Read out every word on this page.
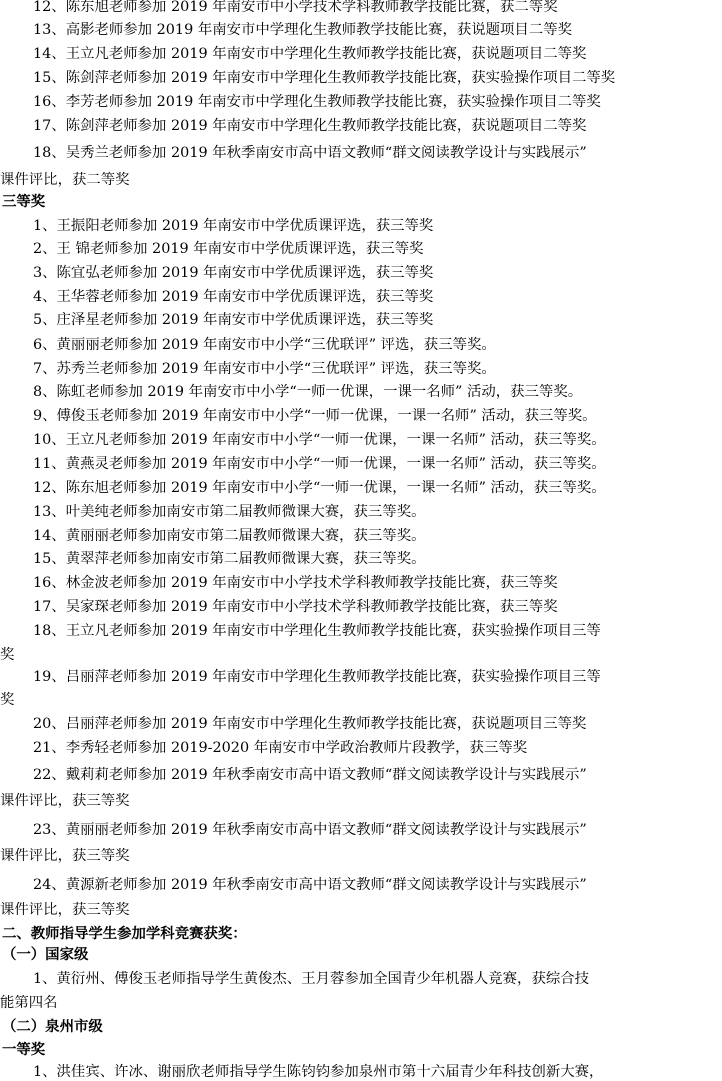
12、陈东旭老师参加 2019 年南安市中小学技术学科教师教学技能比赛，获二等奖
13、高影老师参加 2019 年南安市中学理化生教师教学技能比赛，获说题项目二等奖
14、王立凡老师参加 2019 年南安市中学理化生教师教学技能比赛，获说题项目二等奖
15、陈剑萍老师参加 2019 年南安市中学理化生教师教学技能比赛，获实验操作项目二等奖
16、李芳老师参加 2019 年南安市中学理化生教师教学技能比赛，获实验操作项目二等奖
17、陈剑萍老师参加 2019 年南安市中学理化生教师教学技能比赛，获说题项目二等奖
18、吴秀兰老师参加 2019 年秋季南安市高中语文教师“群文阅读教学设计与实践展示”
课件评比，获二等奖
三等奖
1、王振阳老师参加 2019 年南安市中学优质课评选，获三等奖
2、王 锦老师参加 2019 年南安市中学优质课评选，获三等奖
3、陈宜弘老师参加 2019 年南安市中学优质课评选，获三等奖
4、王华蓉老师参加 2019 年南安市中学优质课评选，获三等奖
5、庄泽星老师参加 2019 年南安市中学优质课评选，获三等奖
6、黄丽丽老师参加 2019 年南安市中小学“三优联评” 评选，获三等奖。
7、苏秀兰老师参加 2019 年南安市中小学“三优联评” 评选，获三等奖。
8、陈虹老师参加 2019 年南安市中小学“一师一优课，一课一名师” 活动，获三等奖。
9、傅俊玉老师参加 2019 年南安市中小学“一师一优课，一课一名师” 活动，获三等奖。
10、王立凡老师参加 2019 年南安市中小学“一师一优课，一课一名师” 活动，获三等奖。
11、黄燕灵老师参加 2019 年南安市中小学“一师一优课，一课一名师” 活动，获三等奖。
12、陈东旭老师参加 2019 年南安市中小学“一师一优课，一课一名师” 活动，获三等奖。
13、叶美纯老师参加南安市第二届教师微课大赛，获三等奖。
14、黄丽丽老师参加南安市第二届教师微课大赛，获三等奖。
15、黄翠萍老师参加南安市第二届教师微课大赛，获三等奖。
16、林金波老师参加 2019 年南安市中小学技术学科教师教学技能比赛，获三等奖
17、吴家琛老师参加 2019 年南安市中小学技术学科教师教学技能比赛，获三等奖
18、王立凡老师参加 2019 年南安市中学理化生教师教学技能比赛，获实验操作项目三等
奖
19、吕丽萍老师参加 2019 年南安市中学理化生教师教学技能比赛，获实验操作项目三等
奖
20、吕丽萍老师参加 2019 年南安市中学理化生教师教学技能比赛，获说题项目三等奖
21、李秀轻老师参加 2019-2020 年南安市中学政治教师片段教学，获三等奖
22、戴莉莉老师参加 2019 年秋季南安市高中语文教师“群文阅读教学设计与实践展示”
课件评比，获三等奖
23、黄丽丽老师参加 2019 年秋季南安市高中语文教师“群文阅读教学设计与实践展示”
课件评比，获三等奖
24、黄源新老师参加 2019 年秋季南安市高中语文教师“群文阅读教学设计与实践展示”
课件评比，获三等奖
二、教师指导学生参加学科竞赛获奖：
（一）国家级
1、黄衍州、傅俊玉老师指导学生黄俊杰、王月蓉参加全国青少年机器人竞赛，获综合技
能第四名
（二）泉州市级
一等奖
1、洪佳宾、许冰、谢丽欣老师指导学生陈钧钧参加泉州市第十六届青少年科技创新大赛，
